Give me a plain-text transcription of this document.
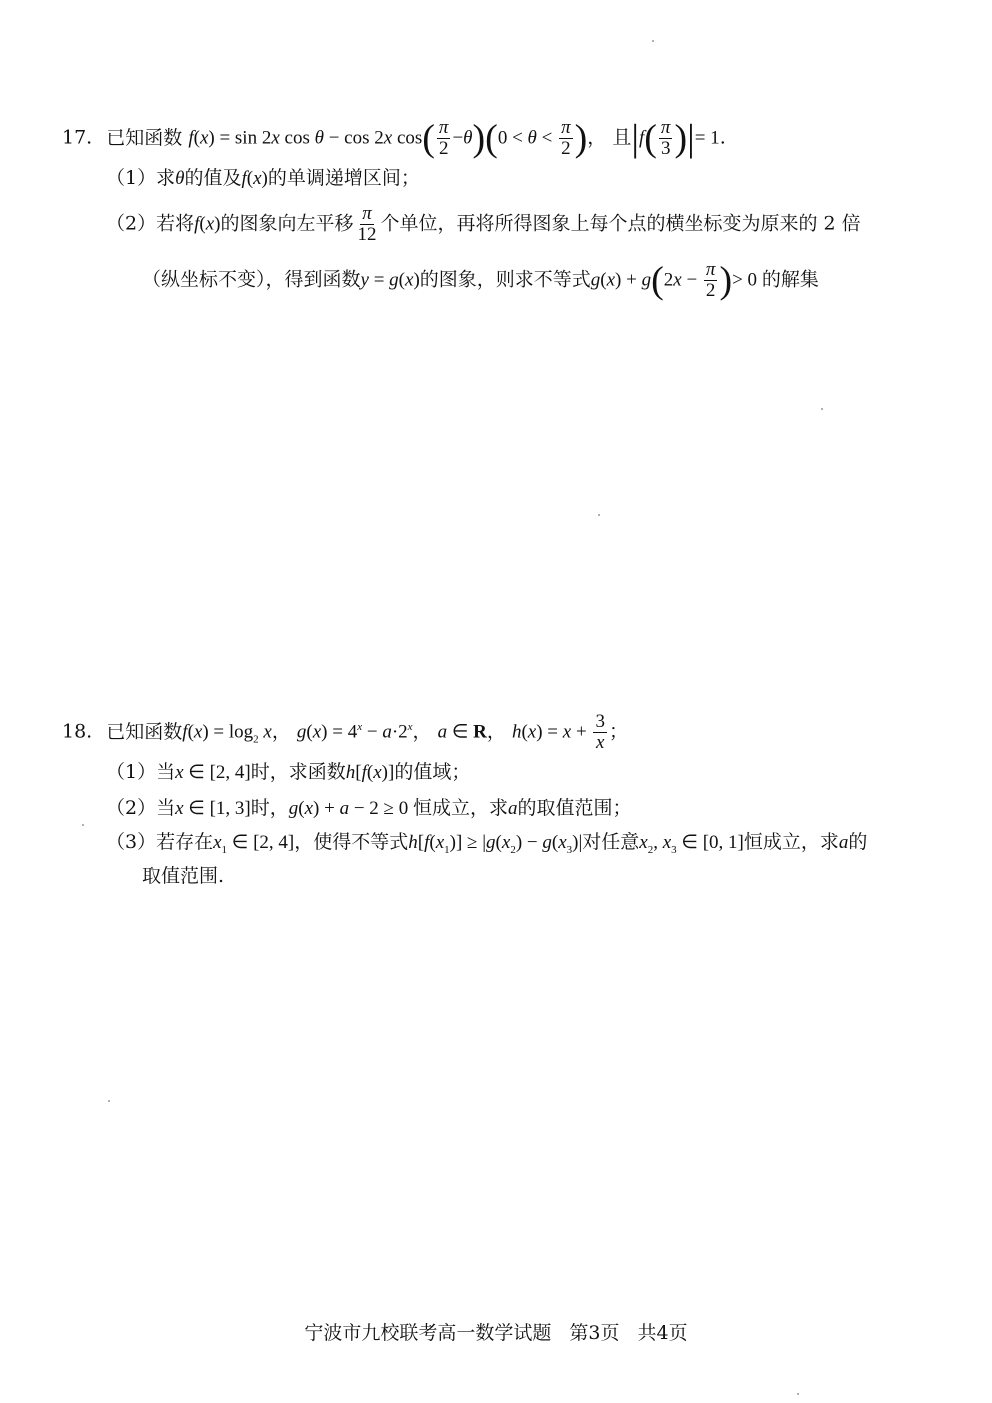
17. 已知函数 f(x) = sin 2x cos θ − cos 2x $\cos( \frac{\pi}{2} -\theta)(0 < \theta < \frac{\pi}{2}$ )， 且$|f( \frac{\pi}{3}$ )|= 1.
（1）求θ的值及f(x)的单调递增区间；
（2）若将f(x)的图象向左平移 $\frac{\pi}{12}$ 个单位，再将所得图象上每个点的横坐标变为原来的 2 倍
（纵坐标不变），得到函数y = g(x)的图象，则求不等式$g(x) + g(2x - \frac{\pi}{2}$ )> 0 的解集
18. 已知函数$f(x) = \log_2 x$， $g(x) = 4^x - a\cdot 2^x$， a ∈ R， $h(x) = x + \frac{3}{x}$ ；
（1）当x ∈ [2, 4]时，求函数h[f(x)]的值域；
（2）当x ∈ [1, 3]时，g(x) + a − 2 ≥ 0 恒成立，求a的取值范围；
（3）若存在$x_1$ ∈ [2, 4]，使得不等式$h[f(x_1)] \ge |g(x_2) - g(x_3)|$对任意$x_2$, $x_3$ ∈ [0, 1]恒成立，求a的
取值范围.
宁波市九校联考高一数学试题 第3页 共4页
